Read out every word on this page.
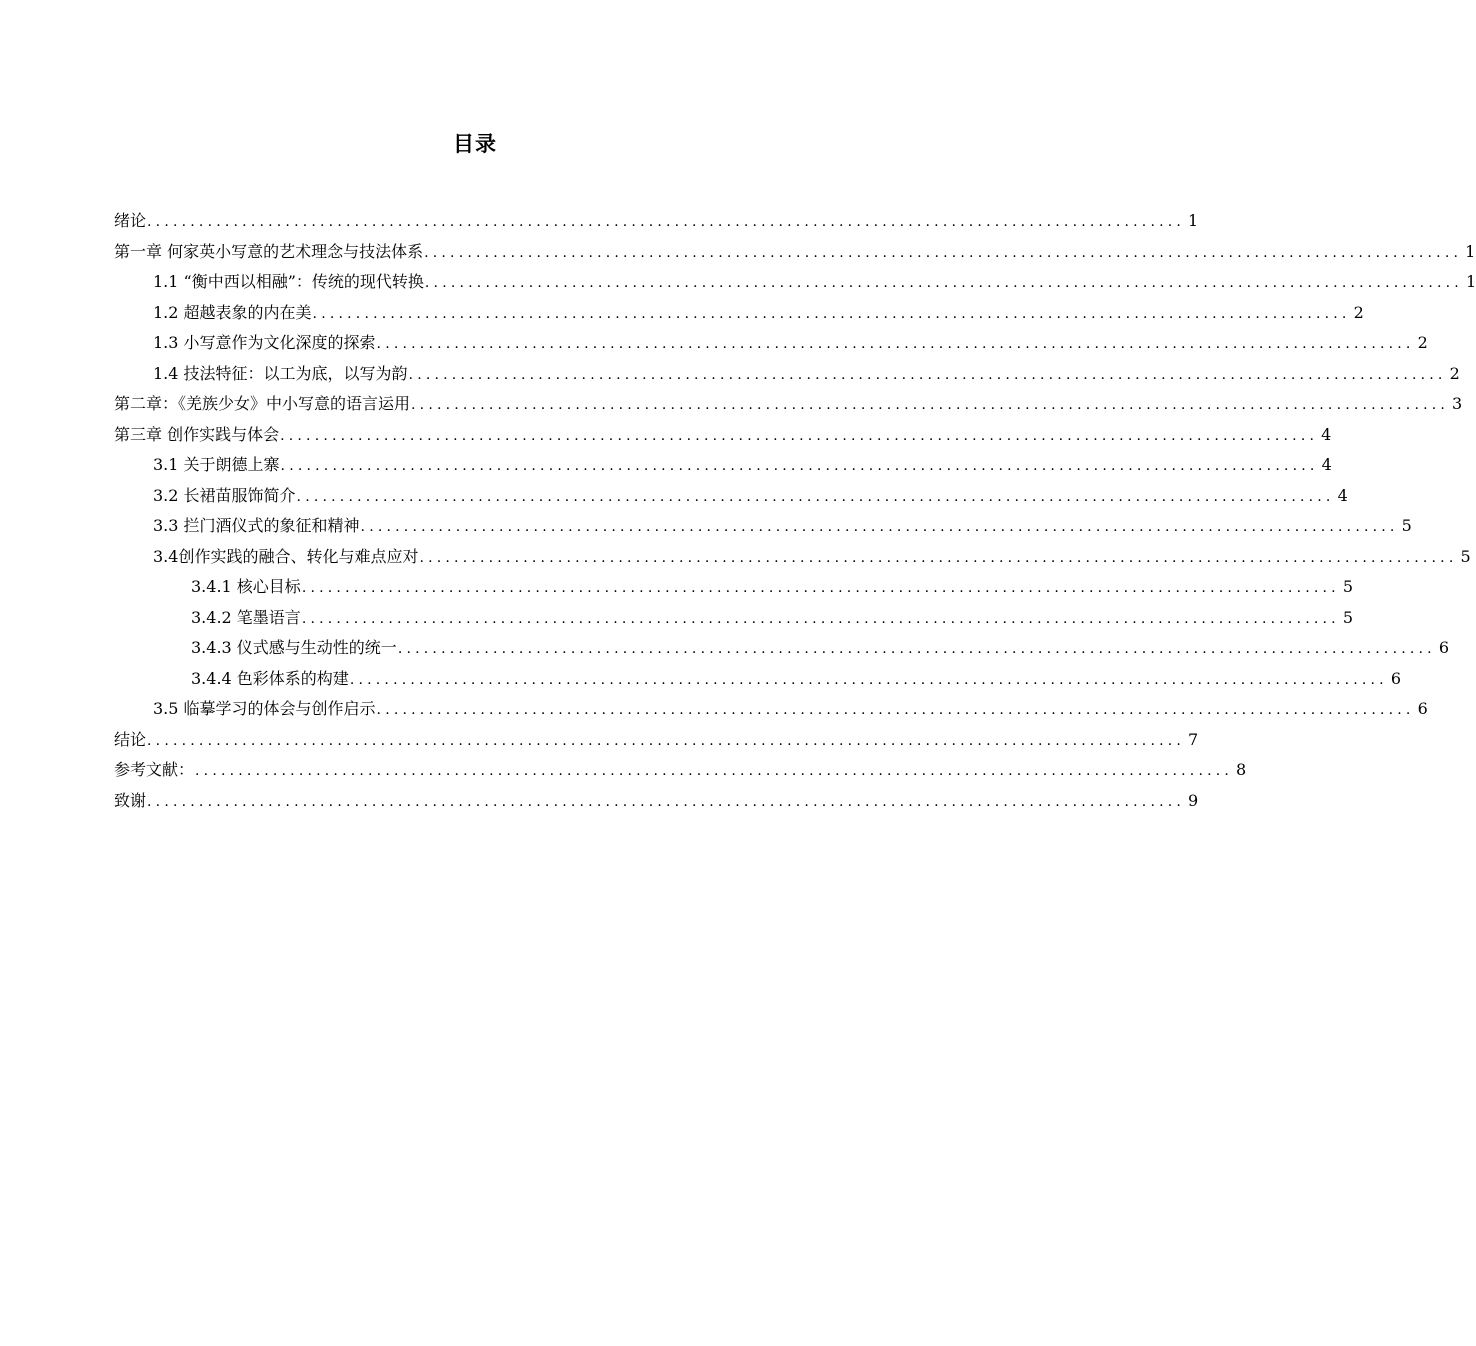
目录
绪论 ........................................................................................................................ 1
第一章 何家英小写意的艺术理念与技法体系 ........................................................................................................................ 1
1.1 “衡中西以相融”：传统的现代转换 ........................................................................................................................ 1
1.2 超越表象的内在美 ........................................................................................................................ 2
1.3 小写意作为文化深度的探索 ........................................................................................................................ 2
1.4 技法特征：以工为底，以写为韵 ........................................................................................................................ 2
第二章：《羌族少女》中小写意的语言运用 ........................................................................................................................ 3
第三章 创作实践与体会 ........................................................................................................................ 4
3.1 关于朗德上寨 ........................................................................................................................ 4
3.2 长裙苗服饰简介 ........................................................................................................................ 4
3.3 拦门酒仪式的象征和精神 ........................................................................................................................ 5
3.4创作实践的融合、转化与难点应对 ........................................................................................................................ 5
3.4.1 核心目标 ........................................................................................................................ 5
3.4.2 笔墨语言 ........................................................................................................................ 5
3.4.3 仪式感与生动性的统一 ........................................................................................................................ 6
3.4.4 色彩体系的构建 ........................................................................................................................ 6
3.5 临摹学习的体会与创作启示 ........................................................................................................................ 6
结论 ........................................................................................................................ 7
参考文献： ........................................................................................................................ 8
致谢 ........................................................................................................................ 9
